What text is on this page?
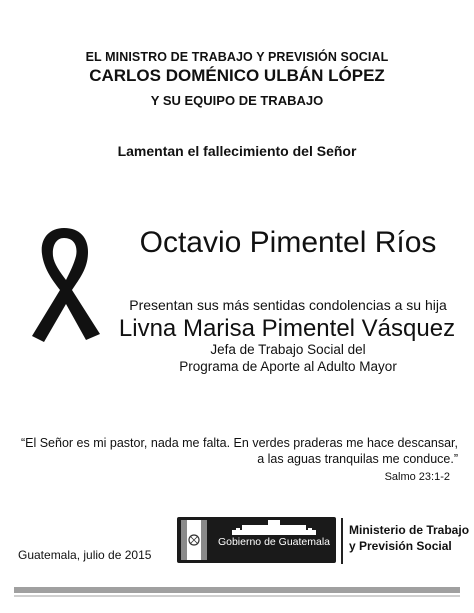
EL MINISTRO DE TRABAJO Y PREVISIÓN SOCIAL
CARLOS DOMÉNICO ULBÁN LÓPEZ
Y SU EQUIPO DE TRABAJO
Lamentan el fallecimiento del Señor
Octavio Pimentel Ríos
Presentan sus más sentidas condolencias a su hija
Livna Marisa Pimentel Vásquez
Jefa de Trabajo Social del
Programa de Aporte al Adulto Mayor
“El Señor es mi pastor, nada me falta. En verdes praderas me hace descansar,
a las aguas tranquilas me conduce.”
Salmo 23:1-2
Guatemala, julio de 2015
Gobierno de Guatemala
Ministerio de Trabajo
y Previsión Social
